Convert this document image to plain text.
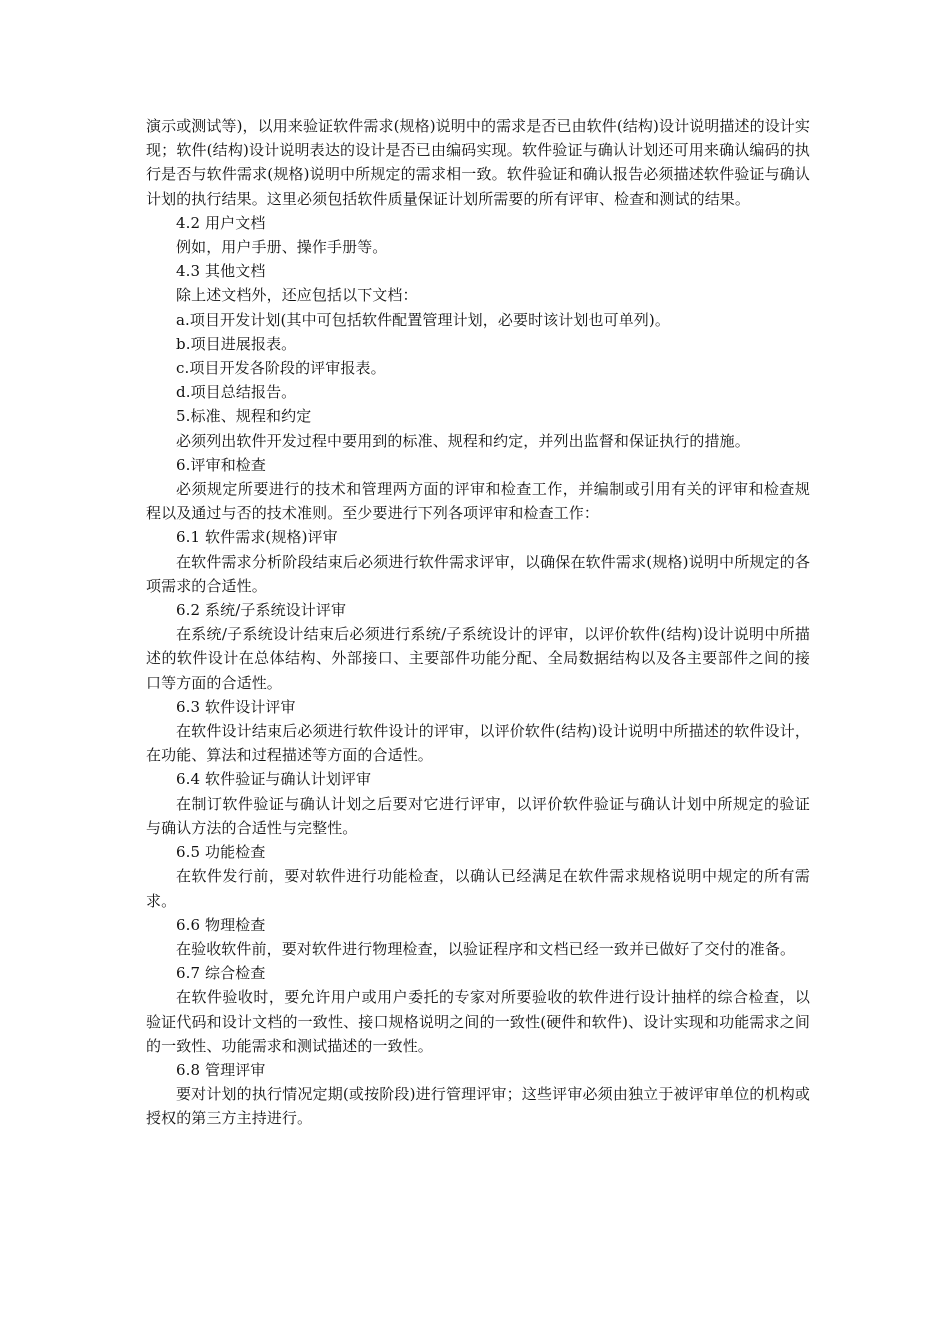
演示或测试等)，以用来验证软件需求(规格)说明中的需求是否已由软件(结构)设计说明描述的设计实现；软件(结构)设计说明表达的设计是否已由编码实现。软件验证与确认计划还可用来确认编码的执行是否与软件需求(规格)说明中所规定的需求相一致。软件验证和确认报告必须描述软件验证与确认计划的执行结果。这里必须包括软件质量保证计划所需要的所有评审、检查和测试的结果。

4.2 用户文档

例如，用户手册、操作手册等。

4.3 其他文档

除上述文档外，还应包括以下文档：

a.项目开发计划(其中可包括软件配置管理计划，必要时该计划也可单列)。

b.项目进展报表。

c.项目开发各阶段的评审报表。

d.项目总结报告。

5.标准、规程和约定

必须列出软件开发过程中要用到的标准、规程和约定，并列出监督和保证执行的措施。

6.评审和检查

必须规定所要进行的技术和管理两方面的评审和检查工作，并编制或引用有关的评审和检查规程以及通过与否的技术准则。至少要进行下列各项评审和检查工作：

6.1 软件需求(规格)评审

在软件需求分析阶段结束后必须进行软件需求评审，以确保在软件需求(规格)说明中所规定的各项需求的合适性。

6.2 系统/子系统设计评审

在系统/子系统设计结束后必须进行系统/子系统设计的评审，以评价软件(结构)设计说明中所描述的软件设计在总体结构、外部接口、主要部件功能分配、全局数据结构以及各主要部件之间的接口等方面的合适性。

6.3 软件设计评审

在软件设计结束后必须进行软件设计的评审，以评价软件(结构)设计说明中所描述的软件设计，在功能、算法和过程描述等方面的合适性。

6.4 软件验证与确认计划评审

在制订软件验证与确认计划之后要对它进行评审，以评价软件验证与确认计划中所规定的验证与确认方法的合适性与完整性。

6.5 功能检查

在软件发行前，要对软件进行功能检查，以确认已经满足在软件需求规格说明中规定的所有需求。

6.6 物理检查

在验收软件前，要对软件进行物理检查，以验证程序和文档已经一致并已做好了交付的准备。

6.7 综合检查

在软件验收时，要允许用户或用户委托的专家对所要验收的软件进行设计抽样的综合检查，以验证代码和设计文档的一致性、接口规格说明之间的一致性(硬件和软件)、设计实现和功能需求之间的一致性、功能需求和测试描述的一致性。

6.8 管理评审

要对计划的执行情况定期(或按阶段)进行管理评审；这些评审必须由独立于被评审单位的机构或授权的第三方主持进行。
